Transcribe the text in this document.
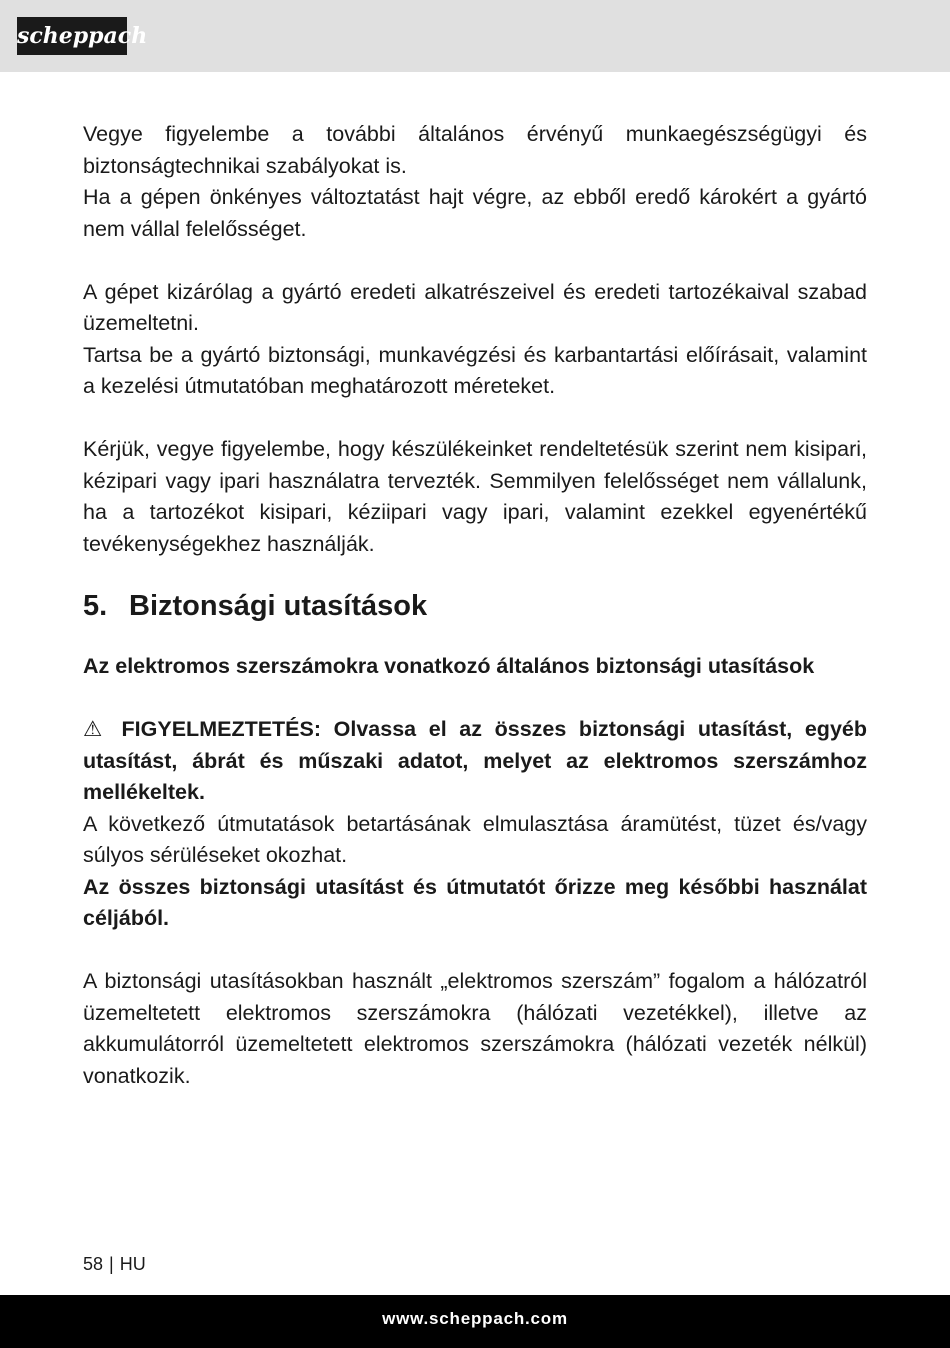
scheppach

Vegye figyelembe a további általános érvényű munkaegészségügyi és biztonságtechnikai szabályokat is.

Ha a gépen önkényes változtatást hajt végre, az ebből eredő károkért a gyártó nem vállal felelősséget.

A gépet kizárólag a gyártó eredeti alkatrészeivel és eredeti tartozékaival szabad üzemeltetni.

Tartsa be a gyártó biztonsági, munkavégzési és karbantartási előírásait, valamint a kezelési útmutatóban meghatározott méreteket.

Kérjük, vegye figyelembe, hogy készülékeinket rendeltetésük szerint nem kisipari, kézipari vagy ipari használatra tervezték. Semmilyen felelősséget nem vállalunk, ha a tartozékot kisipari, kéziipari vagy ipari, valamint ezekkel egyenértékű tevékenységekhez használják.

5. Biztonsági utasítások

Az elektromos szerszámokra vonatkozó általános biztonsági utasítások

⚠ FIGYELMEZTETÉS: Olvassa el az összes biztonsági utasítást, egyéb utasítást, ábrát és műszaki adatot, melyet az elektromos szerszámhoz mellékeltek.

A következő útmutatások betartásának elmulasztása áramütést, tüzet és/vagy súlyos sérüléseket okozhat.

Az összes biztonsági utasítást és útmutatót őrizze meg későbbi használat céljából.

A biztonsági utasításokban használt „elektromos szerszám” fogalom a hálózatról üzemeltetett elektromos szerszámokra (hálózati vezetékkel), illetve az akkumulátorról üzemeltetett elektromos szerszámokra (hálózati vezeték nélkül) vonatkozik.

58 | HU
www.scheppach.com
